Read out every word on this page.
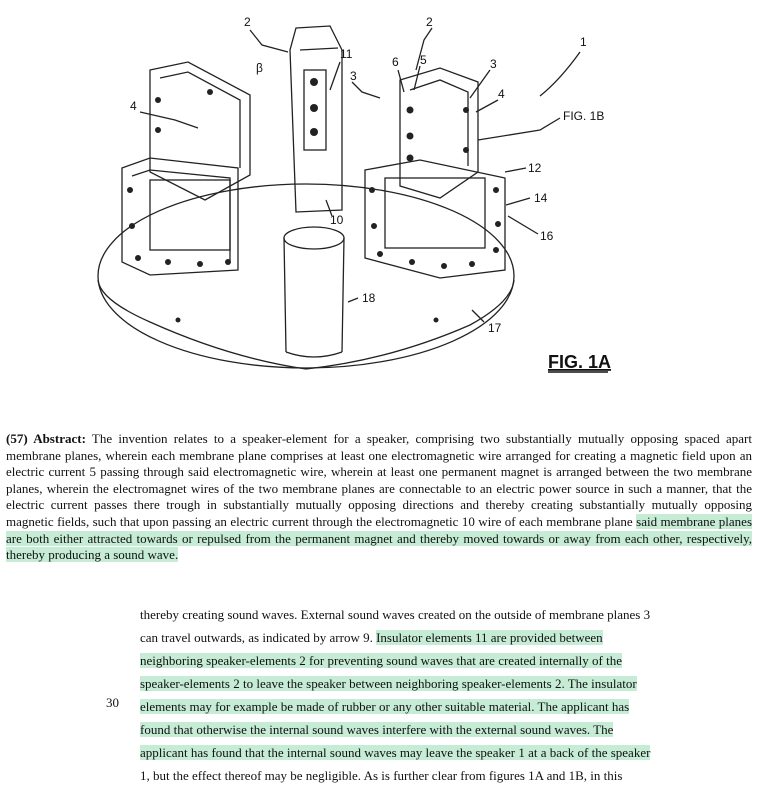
2	2
1
11
β
3
6 5	3
4
4
FIG. 1B
12
14
16
10
18
17
FIG. 1A
(57) Abstract: The invention relates to a speaker-element for a speaker, comprising two substantially mutually opposing spaced apart membrane planes, wherein each membrane plane comprises at least one electromagnetic wire arranged for creating a magnetic field upon an electric current 5 passing through said electromagnetic wire, wherein at least one permanent magnet is arranged between the two membrane planes, wherein the electromagnet wires of the two membrane planes are connectable to an electric power source in such a manner, that the electric current passes there trough in substantially mutually opposing directions and thereby creating substantially mutually opposing magnetic fields, such that upon passing an electric current through the electromagnetic 10 wire of each membrane plane said membrane planes are both either attracted towards or repulsed from the permanent magnet and thereby moved towards or away from each other, respectively, thereby producing a sound wave.
30
thereby creating sound waves. External sound waves created on the outside of membrane planes 3
can travel outwards, as indicated by arrow 9. Insulator elements 11 are provided between
neighboring speaker-elements 2 for preventing sound waves that are created internally of the
speaker-elements 2 to leave the speaker between neighboring speaker-elements 2. The insulator
elements may for example be made of rubber or any other suitable material. The applicant has
found that otherwise the internal sound waves interfere with the external sound waves. The
applicant has found that the internal sound waves may leave the speaker 1 at a back of the speaker
1, but the effect thereof may be negligible. As is further clear from figures 1A and 1B, in this
